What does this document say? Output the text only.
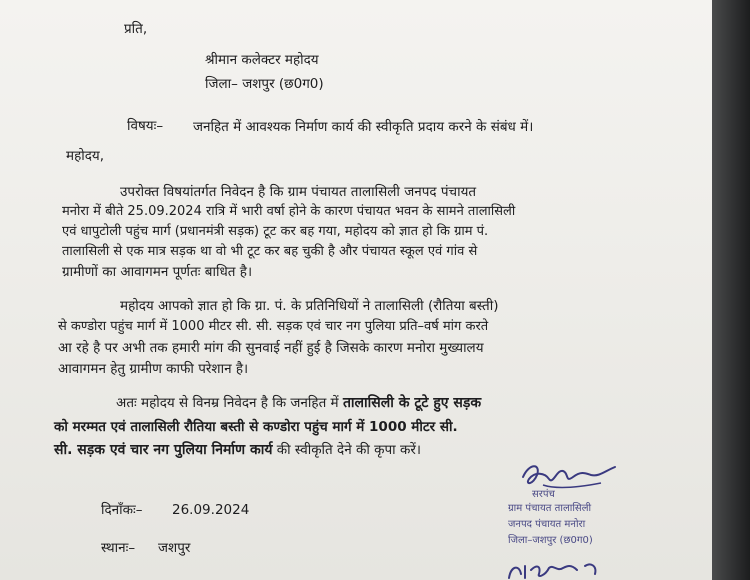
प्रति,
श्रीमान कलेक्टर महोदय
जिला– जशपुर (छ0ग0)
विषयः– जनहित में आवश्यक निर्माण कार्य की स्वीकृति प्रदाय करने के संबंध में।
महोदय,
उपरोक्त विषयांतर्गत निवेदन है कि ग्राम पंचायत तालासिली जनपद पंचायत
मनोरा में बीते 25.09.2024 रात्रि में भारी वर्षा होने के कारण पंचायत भवन के सामने तालासिली
एवं धापुटोली पहुंच मार्ग (प्रधानमंत्री सड़क) टूट कर बह गया, महोदय को ज्ञात हो कि ग्राम पं.
तालासिली से एक मात्र सड़क था वो भी टूट कर बह चुकी है और पंचायत स्कूल एवं गांव से
ग्रामीणों का आवागमन पूर्णतः बाधित है।
महोदय आपको ज्ञात हो कि ग्रा. पं. के प्रतिनिधियों ने तालासिली (रौतिया बस्ती)
से कण्डोरा पहुंच मार्ग में 1000 मीटर सी. सी. सड़क एवं चार नग पुलिया प्रति–वर्ष मांग करते
आ रहे है पर अभी तक हमारी मांग की सुनवाई नहीं हुई है जिसके कारण मनोरा मुख्यालय
आवागमन हेतु ग्रामीण काफी परेशान है।
अतः महोदय से विनम्र निवेदन है कि जनहित में तालासिली के टूटे हुए सड़क
को मरम्मत एवं तालासिली रौतिया बस्ती से कण्डोरा पहुंच मार्ग में 1000 मीटर सी.
सी. सड़क एवं चार नग पुलिया निर्माण कार्य की स्वीकृति देने की कृपा करें।
दिनाँकः– 26.09.2024
स्थानः– जशपुर
सरपंच
ग्राम पंचायत तालासिली
जनपद पंचायत मनोरा
जिला–जशपुर (छ0ग0)
